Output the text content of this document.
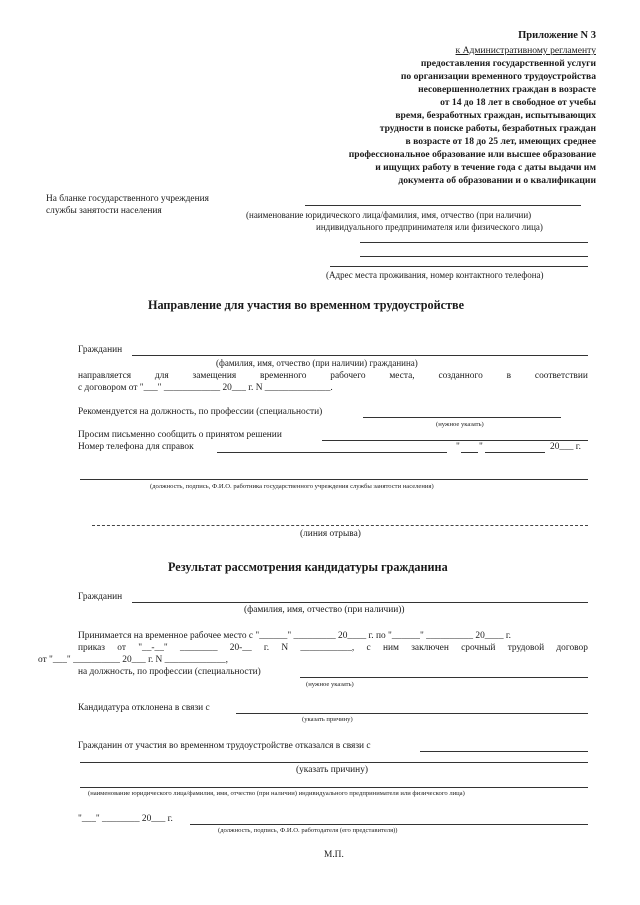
Приложение N 3
к Административному регламенту
предоставления государственной услуги
по организации временного трудоустройства
несовершеннолетних граждан в возрасте
от 14 до 18 лет в свободное от учебы
время, безработных граждан, испытывающих
трудности в поиске работы, безработных граждан
в возрасте от 18 до 25 лет, имеющих среднее
профессиональное образование или высшее образование
и ищущих работу в течение года с даты выдачи им
документа об образовании и о квалификации
На бланке государственного учреждения
службы занятости населения	(наименование юридического лица/фамилия, имя, отчество (при наличии)
индивидуального предпринимателя или физического лица)
(Адрес места проживания, номер контактного телефона)
Направление для участия во временном трудоустройстве
Гражданин
(фамилия, имя, отчество (при наличии) гражданина)
направляется	для	замещения	временного	рабочего	места,	созданного	в	соответствии
с договором от "___" ____________ 20___ г. N ______________.
Рекомендуется на должность, по профессии (специальности)
(нужное указать)
Просим письменно сообщить о принятом решении
Номер телефона для справок	" "	20___ г.
(должность, подпись, Ф.И.О. работника государственного учреждения службы занятости населения)
(линия отрыва)
Результат рассмотрения кандидатуры гражданина
Гражданин
(фамилия, имя, отчество (при наличии))
Принимается на временное рабочее место с "______" _________ 20____ г. по "______" __________ 20____ г.
приказ от "__-__" ________ 20-__ г. N ___________, с ним заключен срочный трудовой договор
от "___" __________ 20___ г. N _____________,
на должность, по профессии (специальности)
(нужное указать)
Кандидатура отклонена в связи с
(указать причину)
Гражданин от участия во временном трудоустройстве отказался в связи с
(указать причину)
(наименование юридического лица/фамилия, имя, отчество (при наличии) индивидуального предпринимателя или физического лица)
"___" ________ 20___ г.
(должность, подпись, Ф.И.О. работодателя (его представителя))
М.П.
